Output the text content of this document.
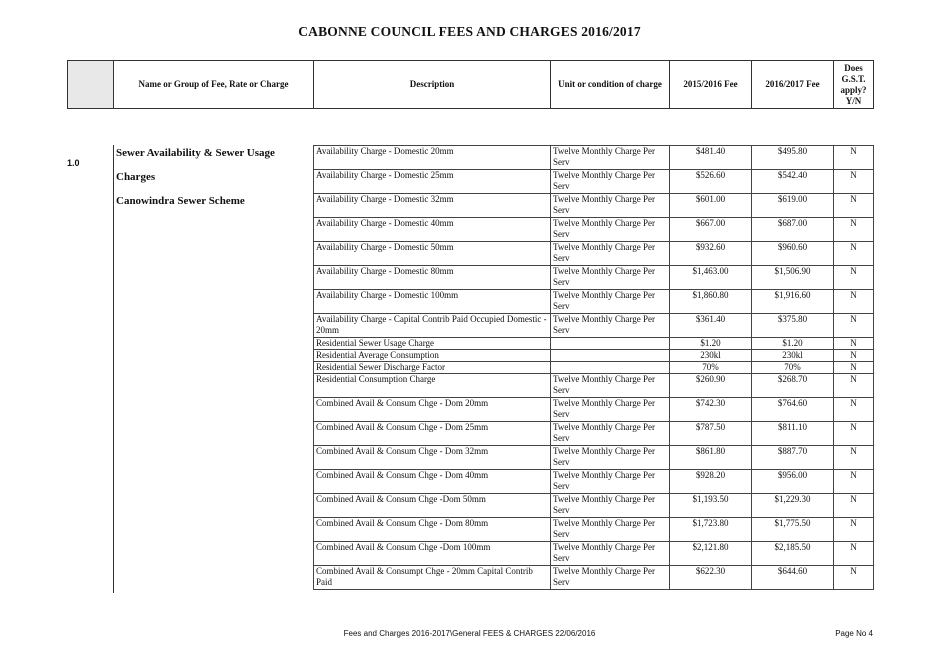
CABONNE COUNCIL FEES AND CHARGES 2016/2017
	Name or Group of Fee, Rate or Charge	Description	Unit or condition of charge	2015/2016 Fee	2016/2017 Fee	Does G.S.T. apply? Y/N
1.0
Sewer Availability & Sewer Usage
Charges
Canowindra Sewer Scheme
Availability Charge - Domestic 20mm	Twelve Monthly Charge Per Serv	$481.40	$495.80	N
Availability Charge - Domestic 25mm	Twelve Monthly Charge Per Serv	$526.60	$542.40	N
Availability Charge - Domestic 32mm	Twelve Monthly Charge Per Serv	$601.00	$619.00	N
Availability Charge - Domestic 40mm	Twelve Monthly Charge Per Serv	$667.00	$687.00	N
Availability Charge - Domestic 50mm	Twelve Monthly Charge Per Serv	$932.60	$960.60	N
Availability Charge - Domestic 80mm	Twelve Monthly Charge Per Serv	$1,463.00	$1,506.90	N
Availability Charge - Domestic 100mm	Twelve Monthly Charge Per Serv	$1,860.80	$1,916.60	N
Availability Charge - Capital Contrib Paid Occupied Domestic - 20mm	Twelve Monthly Charge Per Serv	$361.40	$375.80	N
Residential Sewer Usage Charge		$1.20	$1.20	N
Residential Average Consumption		230kl	230kl	N
Residential Sewer Discharge Factor		70%	70%	N
Residential Consumption Charge	Twelve Monthly Charge Per Serv	$260.90	$268.70	N
Combined Avail & Consum Chge - Dom 20mm	Twelve Monthly Charge Per Serv	$742.30	$764.60	N
Combined Avail & Consum Chge - Dom 25mm	Twelve Monthly Charge Per Serv	$787.50	$811.10	N
Combined Avail & Consum Chge - Dom 32mm	Twelve Monthly Charge Per Serv	$861.80	$887.70	N
Combined Avail & Consum Chge - Dom 40mm	Twelve Monthly Charge Per Serv	$928.20	$956.00	N
Combined Avail & Consum Chge -Dom 50mm	Twelve Monthly Charge Per Serv	$1,193.50	$1,229.30	N
Combined Avail & Consum Chge - Dom 80mm	Twelve Monthly Charge Per Serv	$1,723.80	$1,775.50	N
Combined Avail & Consum Chge -Dom 100mm	Twelve Monthly Charge Per Serv	$2,121.80	$2,185.50	N
Combined Avail & Consumpt Chge - 20mm Capital Contrib Paid	Twelve Monthly Charge Per Serv	$622.30	$644.60	N
Fees and Charges 2016-2017\General FEES & CHARGES 22/06/2016	Page No 4
